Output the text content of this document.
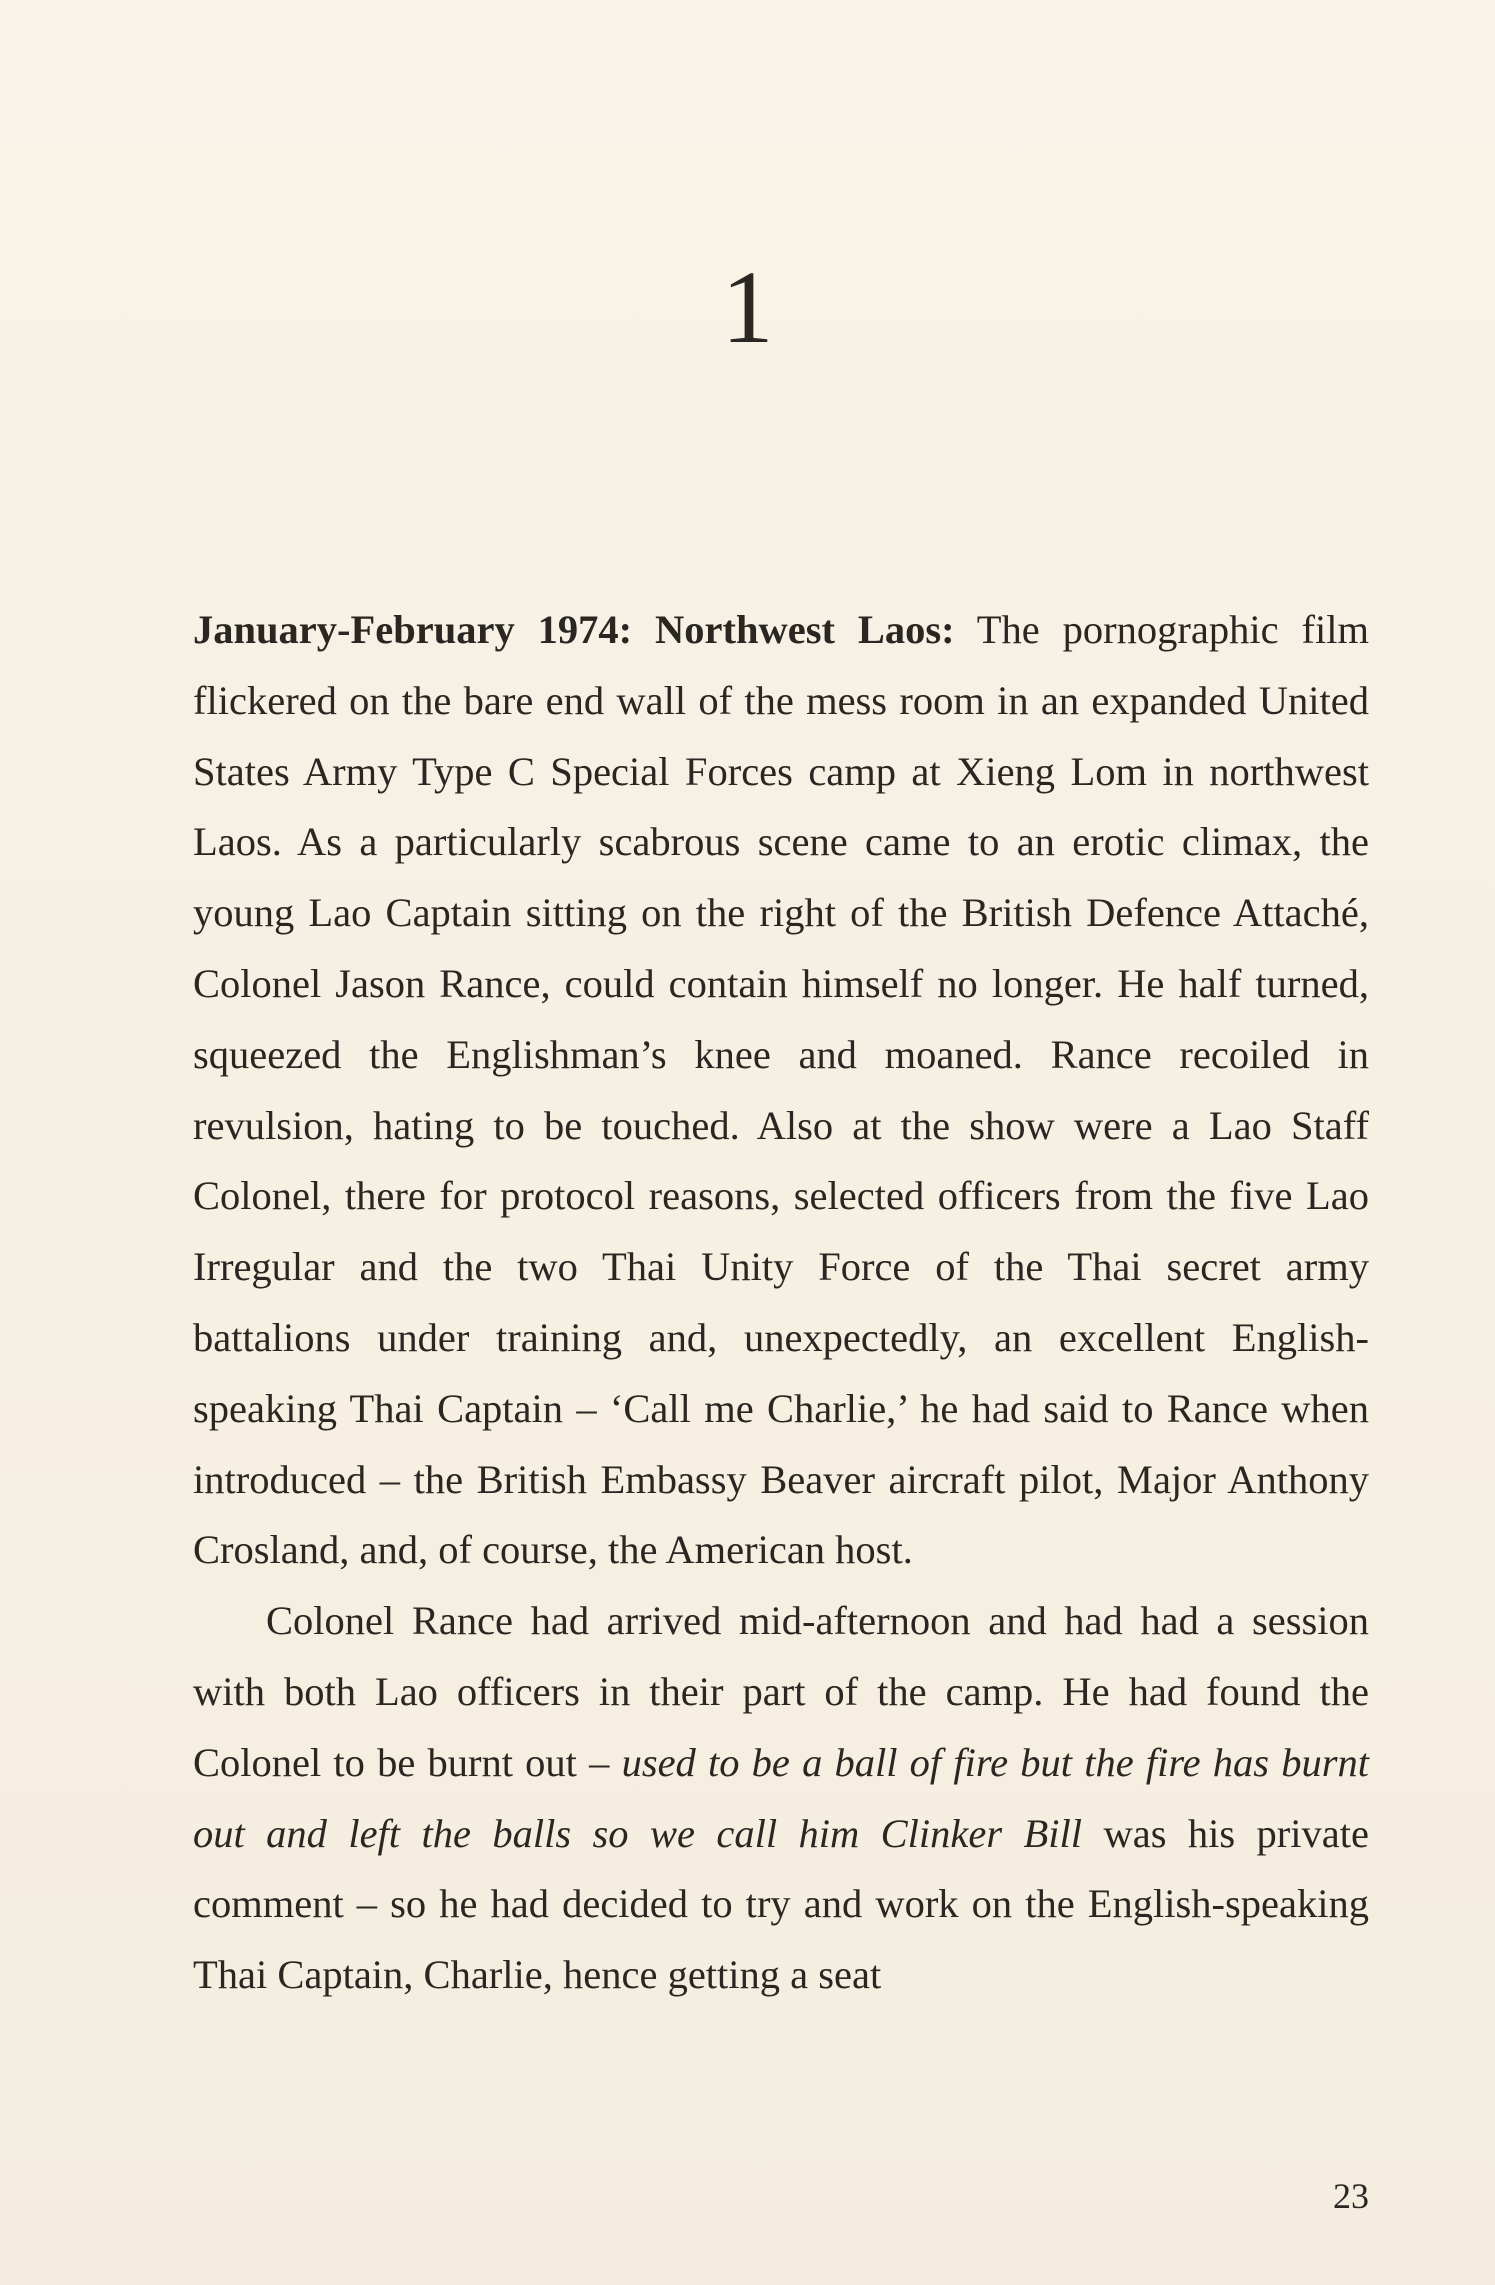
1

January-February 1974: Northwest Laos: The pornographic film flickered on the bare end wall of the mess room in an expanded United States Army Type C Special Forces camp at Xieng Lom in northwest Laos. As a particularly scabrous scene came to an erotic climax, the young Lao Captain sitting on the right of the British Defence Attaché, Colonel Jason Rance, could contain himself no longer. He half turned, squeezed the Englishman’s knee and moaned. Rance recoiled in revulsion, hating to be touched. Also at the show were a Lao Staff Colonel, there for protocol reasons, selected officers from the five Lao Irregular and the two Thai Unity Force of the Thai secret army battalions under training and, unexpectedly, an excellent English-speaking Thai Captain – ‘Call me Charlie,’ he had said to Rance when introduced – the British Embassy Beaver aircraft pilot, Major Anthony Crosland, and, of course, the American host.

Colonel Rance had arrived mid-afternoon and had had a session with both Lao officers in their part of the camp. He had found the Colonel to be burnt out – used to be a ball of fire but the fire has burnt out and left the balls so we call him Clinker Bill was his private comment – so he had decided to try and work on the English-speaking Thai Captain, Charlie, hence getting a seat

23
